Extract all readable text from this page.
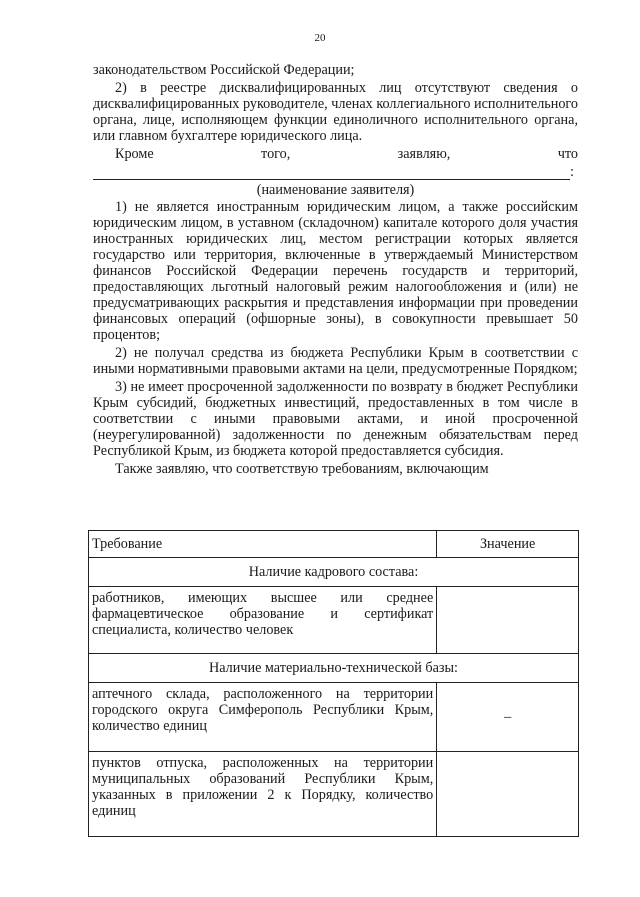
20

законодательством Российской Федерации;

2) в реестре дисквалифицированных лиц отсутствуют сведения о дисквалифицированных руководителе, членах коллегиального исполнительного органа, лице, исполняющем функции единоличного исполнительного органа, или главном бухгалтере юридического лица.

Кроме того, заявляю, что

:

(наименование заявителя)

1) не является иностранным юридическим лицом, а также российским юридическим лицом, в уставном (складочном) капитале которого доля участия иностранных юридических лиц, местом регистрации которых является государство или территория, включенные в утверждаемый Министерством финансов Российской Федерации перечень государств и территорий, предоставляющих льготный налоговый режим налогообложения и (или) не предусматривающих раскрытия и представления информации при проведении финансовых операций (офшорные зоны), в совокупности превышает 50 процентов;

2) не получал средства из бюджета Республики Крым в соответствии с иными нормативными правовыми актами на цели, предусмотренные Порядком;

3) не имеет просроченной задолженности по возврату в бюджет Республики Крым субсидий, бюджетных инвестиций, предоставленных в том числе в соответствии с иными правовыми актами, и иной просроченной (неурегулированной) задолженности по денежным обязательствам перед Республикой Крым, из бюджета которой предоставляется субсидия.

Также заявляю, что соответствую требованиям, включающим

Требование	Значение
Наличие кадрового состава:	
работников, имеющих высшее или среднее фармацевтическое образование и сертификат специалиста, количество человек	
Наличие материально-технической базы:	
аптечного склада, расположенного на территории городского округа Симферополь Республики Крым, количество единиц	–
пунктов отпуска, расположенных на территории муниципальных образований Республики Крым, указанных в приложении 2 к Порядку, количество единиц	
